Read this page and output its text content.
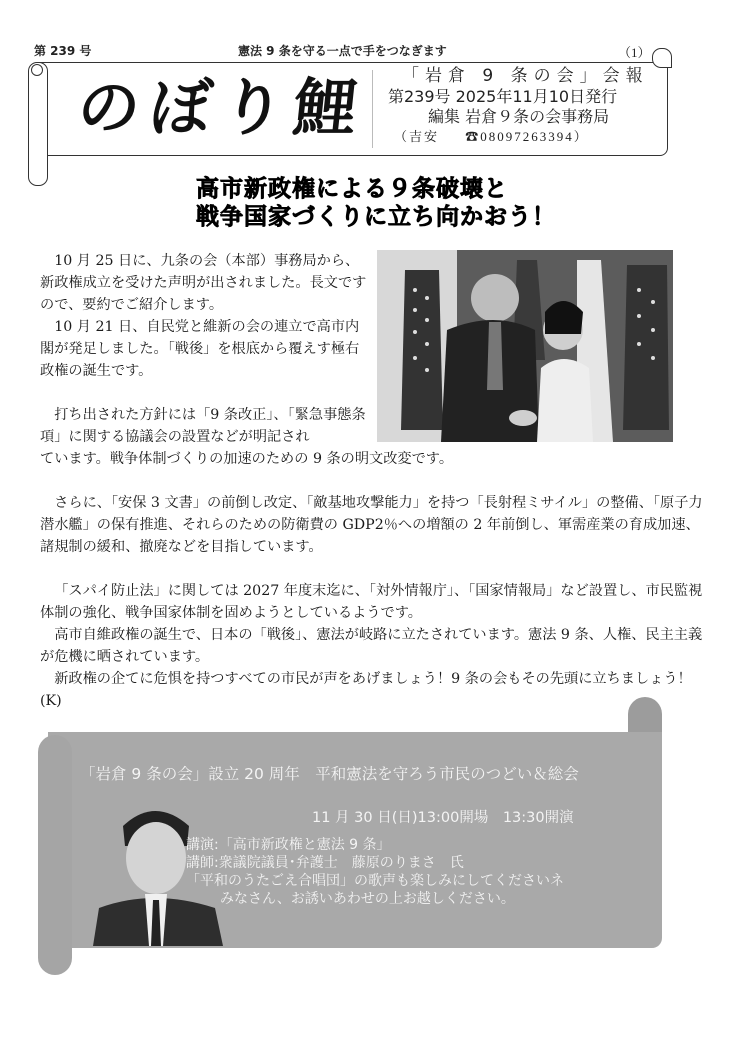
第 239 号	憲法 9 条を守る一点で手をつなぎます	（1）
のぼり鯉 「岩倉 9 条の会」会報
第239号 2025年11月10日発行
編集 岩倉９条の会事務局
（吉安 ☎08097263394）
高市新政権による９条破壊と
戦争国家づくりに立ち向かおう！

10 月 25 日に、九条の会（本部）事務局から、新政権成立を受けた声明が出されました。長文ですので、要約でご紹介します。

10 月 21 日、自民党と維新の会の連立で高市内閣が発足しました。「戦後」を根底から覆えす極右政権の誕生です。

打ち出された方針には「9 条改正」、「緊急事態条項」に関する協議会の設置などが明記され

ています。戦争体制づくりの加速のための 9 条の明文改変です。

さらに、「安保 3 文書」の前倒し改定、「敵基地攻撃能力」を持つ「長射程ミサイル」の整備、「原子力潜水艦」の保有推進、それらのための防衛費の GDP2％への増額の 2 年前倒し、軍需産業の育成加速、諸規制の緩和、撤廃などを目指しています。

「スパイ防止法」に関しては 2027 年度末迄に、「対外情報庁」、「国家情報局」など設置し、市民監視体制の強化、戦争国家体制を固めようとしているようです。

高市自維政権の誕生で、日本の「戦後」、憲法が岐路に立たされています。憲法 9 条、人権、民主主義が危機に晒されています。

新政権の企てに危惧を持つすべての市民が声をあげましょう！9 条の会もその先頭に立ちましょう！(K)

「岩倉 9 条の会」設立 20 周年　平和憲法を守ろう市民のつどい＆総会
11 月 30 日(日)13:00開場　13:30開演
講演:「高市新政権と憲法 9 条」
講師:衆議院議員･弁護士　藤原のりまさ　氏
「平和のうたごえ合唱団」の歌声も楽しみにしてくださいネ
みなさん、お誘いあわせの上お越しください。
